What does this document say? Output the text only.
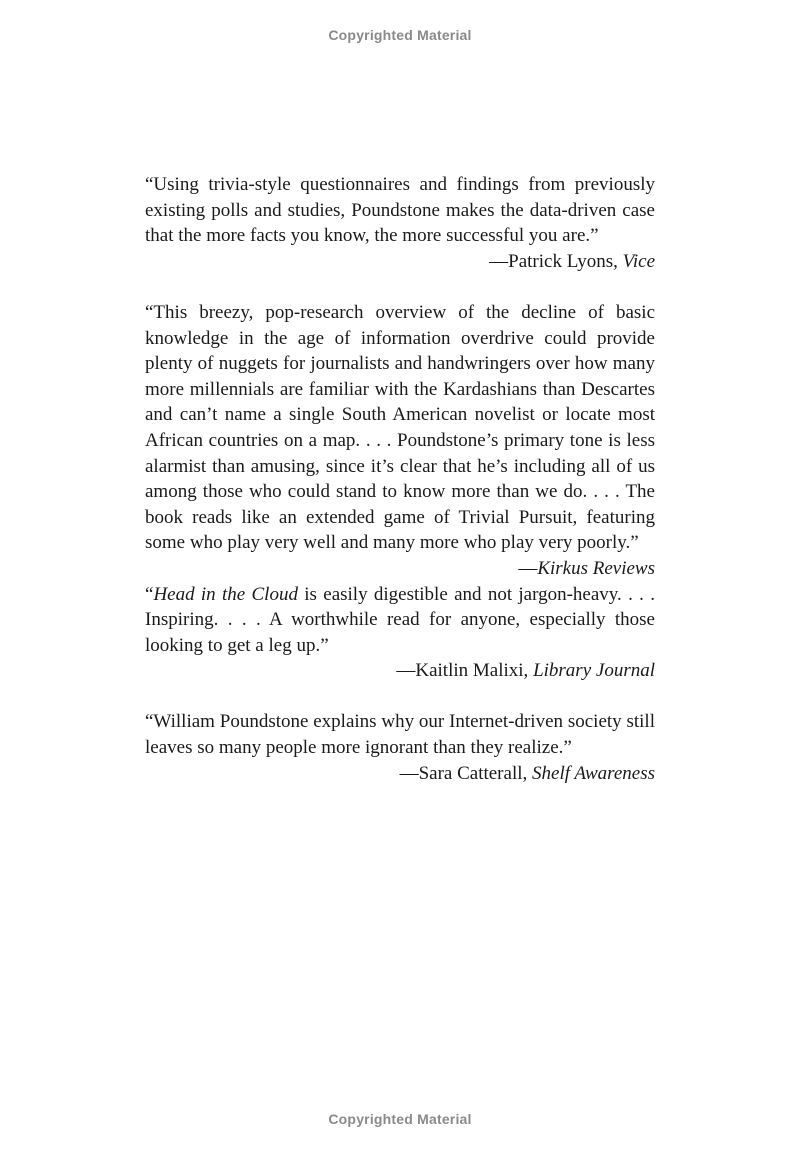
Copyrighted Material

“Using trivia-style questionnaires and findings from previously existing polls and studies, Poundstone makes the data-driven case that the more facts you know, the more successful you are.”

—Patrick Lyons, Vice

“This breezy, pop-research overview of the decline of basic knowledge in the age of information overdrive could provide plenty of nuggets for journalists and handwringers over how many more millennials are familiar with the Kardashians than Descartes and can’t name a single South American novelist or locate most African countries on a map. . . . Poundstone’s primary tone is less alarmist than amusing, since it’s clear that he’s including all of us among those who could stand to know more than we do. . . . The book reads like an extended game of Trivial Pursuit, featuring some who play very well and many more who play very poorly.”
—Kirkus Reviews

“Head in the Cloud is easily digestible and not jargon-heavy. . . . Inspiring. . . . A worthwhile read for anyone, especially those looking to get a leg up.”

—Kaitlin Malixi, Library Journal

“William Poundstone explains why our Internet-driven society still leaves so many people more ignorant than they realize.”

—Sara Catterall, Shelf Awareness

Copyrighted Material
